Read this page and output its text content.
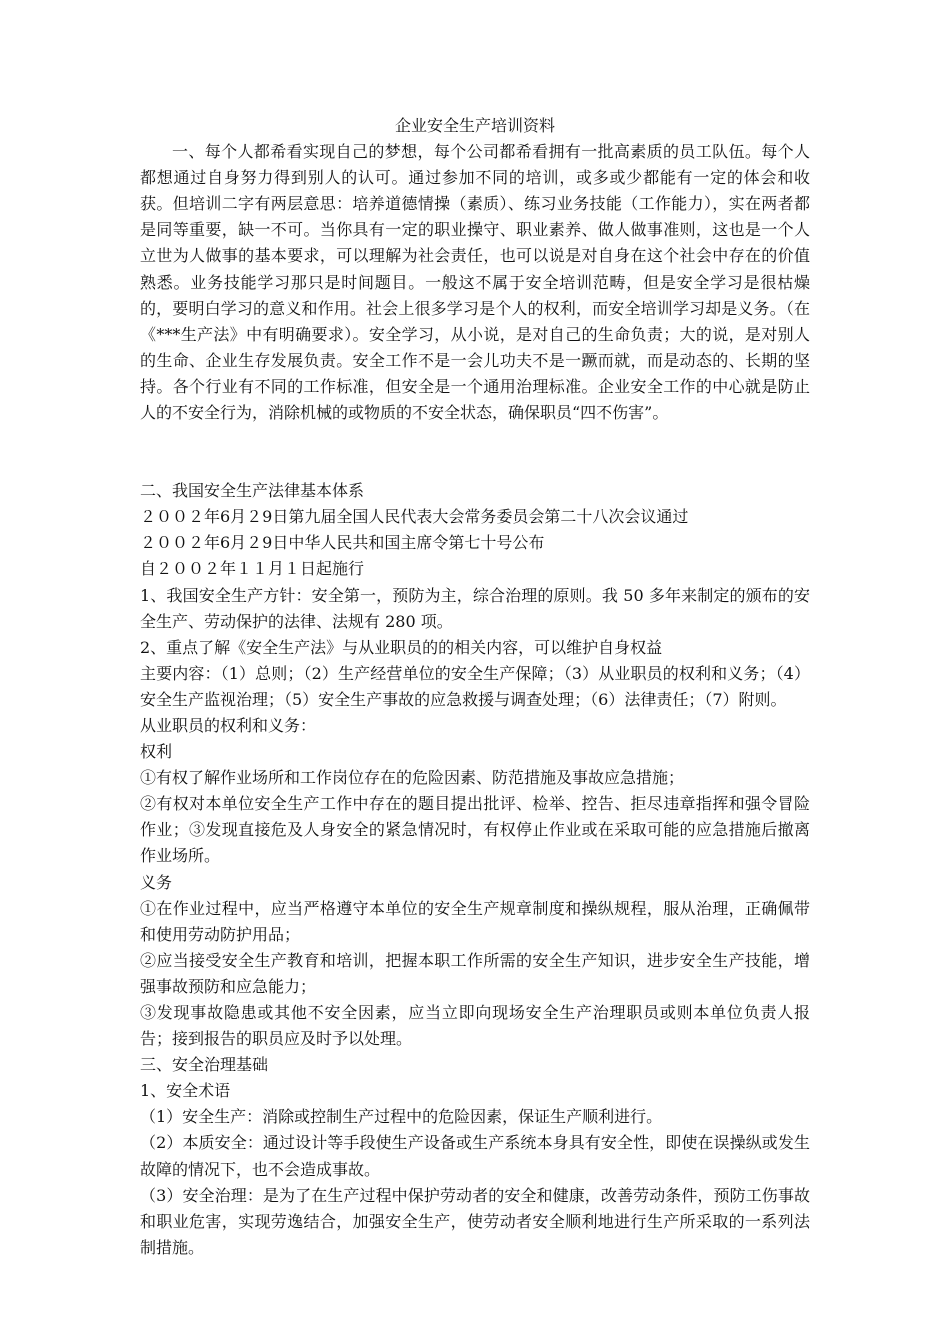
企业安全生产培训资料

一、每个人都希看实现自己的梦想，每个公司都希看拥有一批高素质的员工队伍。每个人都想通过自身努力得到别人的认可。通过参加不同的培训，或多或少都能有一定的体会和收获。但培训二字有两层意思：培养道德情操（素质）、练习业务技能（工作能力），实在两者都是同等重要，缺一不可。当你具有一定的职业操守、职业素养、做人做事准则，这也是一个人立世为人做事的基本要求，可以理解为社会责任，也可以说是对自身在这个社会中存在的价值熟悉。业务技能学习那只是时间题目。一般这不属于安全培训范畴，但是安全学习是很枯燥的，要明白学习的意义和作用。社会上很多学习是个人的权利，而安全培训学习却是义务。（在《***生产法》中有明确要求）。安全学习，从小说，是对自己的生命负责；大的说，是对别人的生命、企业生存发展负责。安全工作不是一会儿功夫不是一蹶而就，而是动态的、长期的坚持。各个行业有不同的工作标准，但安全是一个通用治理标准。企业安全工作的中心就是防止人的不安全行为，消除机械的或物质的不安全状态，确保职员“四不伤害”。

二、我国安全生产法律基本体系

２００２年6月２9日第九届全国人民代表大会常务委员会第二十八次会议通过

２００２年6月２9日中华人民共和国主席令第七十号公布

自２００２年１１月１日起施行

1、我国安全生产方针：安全第一，预防为主，综合治理的原则。我 50 多年来制定的颁布的安全生产、劳动保护的法律、法规有 280 项。

2、重点了解《安全生产法》与从业职员的的相关内容，可以维护自身权益

主要内容：（1）总则；（2）生产经营单位的安全生产保障；（3）从业职员的权利和义务；（4）安全生产监视治理；（5）安全生产事故的应急救援与调查处理；（6）法律责任；（7）附则。

从业职员的权利和义务：

权利

①有权了解作业场所和工作岗位存在的危险因素、防范措施及事故应急措施；

②有权对本单位安全生产工作中存在的题目提出批评、检举、控告、拒尽违章指挥和强令冒险作业；③发现直接危及人身安全的紧急情况时，有权停止作业或在采取可能的应急措施后撤离作业场所。

义务

①在作业过程中，应当严格遵守本单位的安全生产规章制度和操纵规程，服从治理，正确佩带和使用劳动防护用品；

②应当接受安全生产教育和培训，把握本职工作所需的安全生产知识，进步安全生产技能，增强事故预防和应急能力；

③发现事故隐患或其他不安全因素，应当立即向现场安全生产治理职员或则本单位负责人报告；接到报告的职员应及时予以处理。

三、安全治理基础

1、安全术语

（1）安全生产：消除或控制生产过程中的危险因素，保证生产顺利进行。

（2）本质安全：通过设计等手段使生产设备或生产系统本身具有安全性，即使在误操纵或发生故障的情况下，也不会造成事故。

（3）安全治理：是为了在生产过程中保护劳动者的安全和健康，改善劳动条件，预防工伤事故和职业危害，实现劳逸结合，加强安全生产，使劳动者安全顺利地进行生产所采取的一系列法制措施。
